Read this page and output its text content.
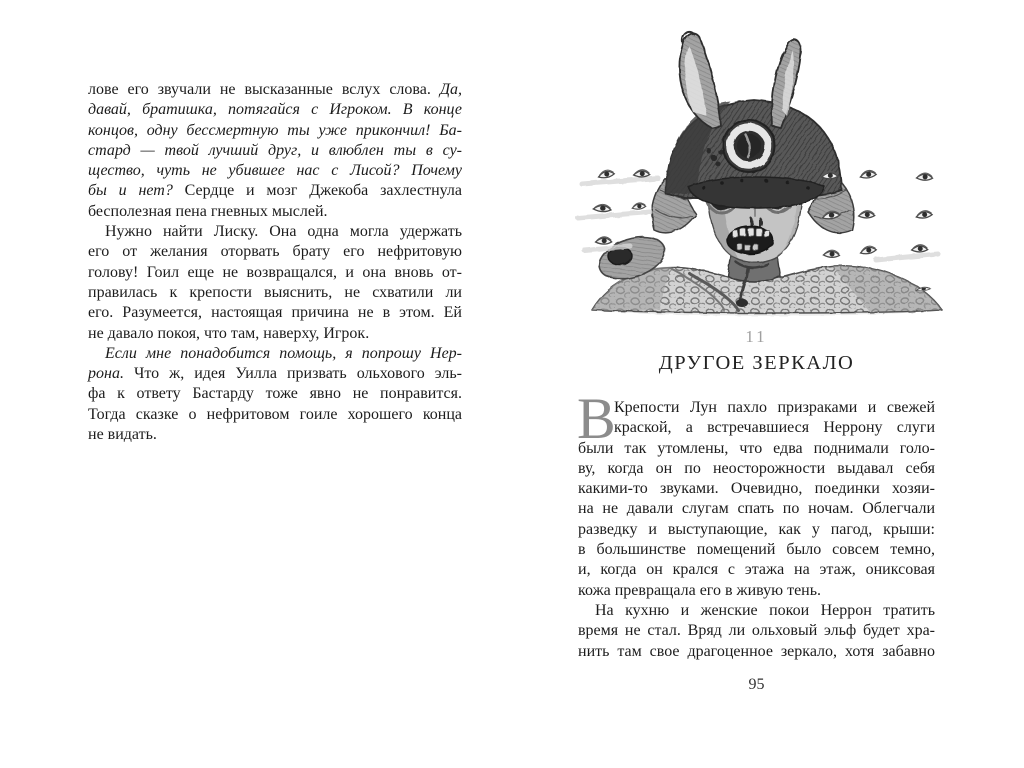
лове его звучали не высказанные вслух слова. Да,
давай, братишка, потягайся с Игроком. В конце
концов, одну бессмертную ты уже прикончил! Ба-
стард — твой лучший друг, и влюблен ты в су-
щество, чуть не убившее нас с Лисой? Почему
бы и нет? Сердце и мозг Джекоба захлестнула
бесполезная пена гневных мыслей.
Нужно найти Лиску. Она одна могла удержать
его от желания оторвать брату его нефритовую
голову! Гоил еще не возвращался, и она вновь от-
правилась к крепости выяснить, не схватили ли
его. Разумеется, настоящая причина не в этом. Ей
не давало покоя, что там, наверху, Игрок.
Если мне понадобится помощь, я попрошу Нер-
рона. Что ж, идея Уилла призвать ольхового эль-
фа к ответу Бастарду тоже явно не понравится.
Тогда сказке о нефритовом гоиле хорошего конца
не видать.
11
ДРУГОЕ ЗЕРКАЛО
В
Крепости Лун пахло призраками и свежей
краской, а встречавшиеся Неррону слуги
были так утомлены, что едва поднимали голо-
ву, когда он по неосторожности выдавал себя
какими-то звуками. Очевидно, поединки хозяи-
на не давали слугам спать по ночам. Облегчали
разведку и выступающие, как у пагод, крыши:
в большинстве помещений было совсем темно,
и, когда он крался с этажа на этаж, ониксовая
кожа превращала его в живую тень.
На кухню и женские покои Неррон тратить
время не стал. Вряд ли ольховый эльф будет хра-
нить там свое драгоценное зеркало, хотя забавно
95
